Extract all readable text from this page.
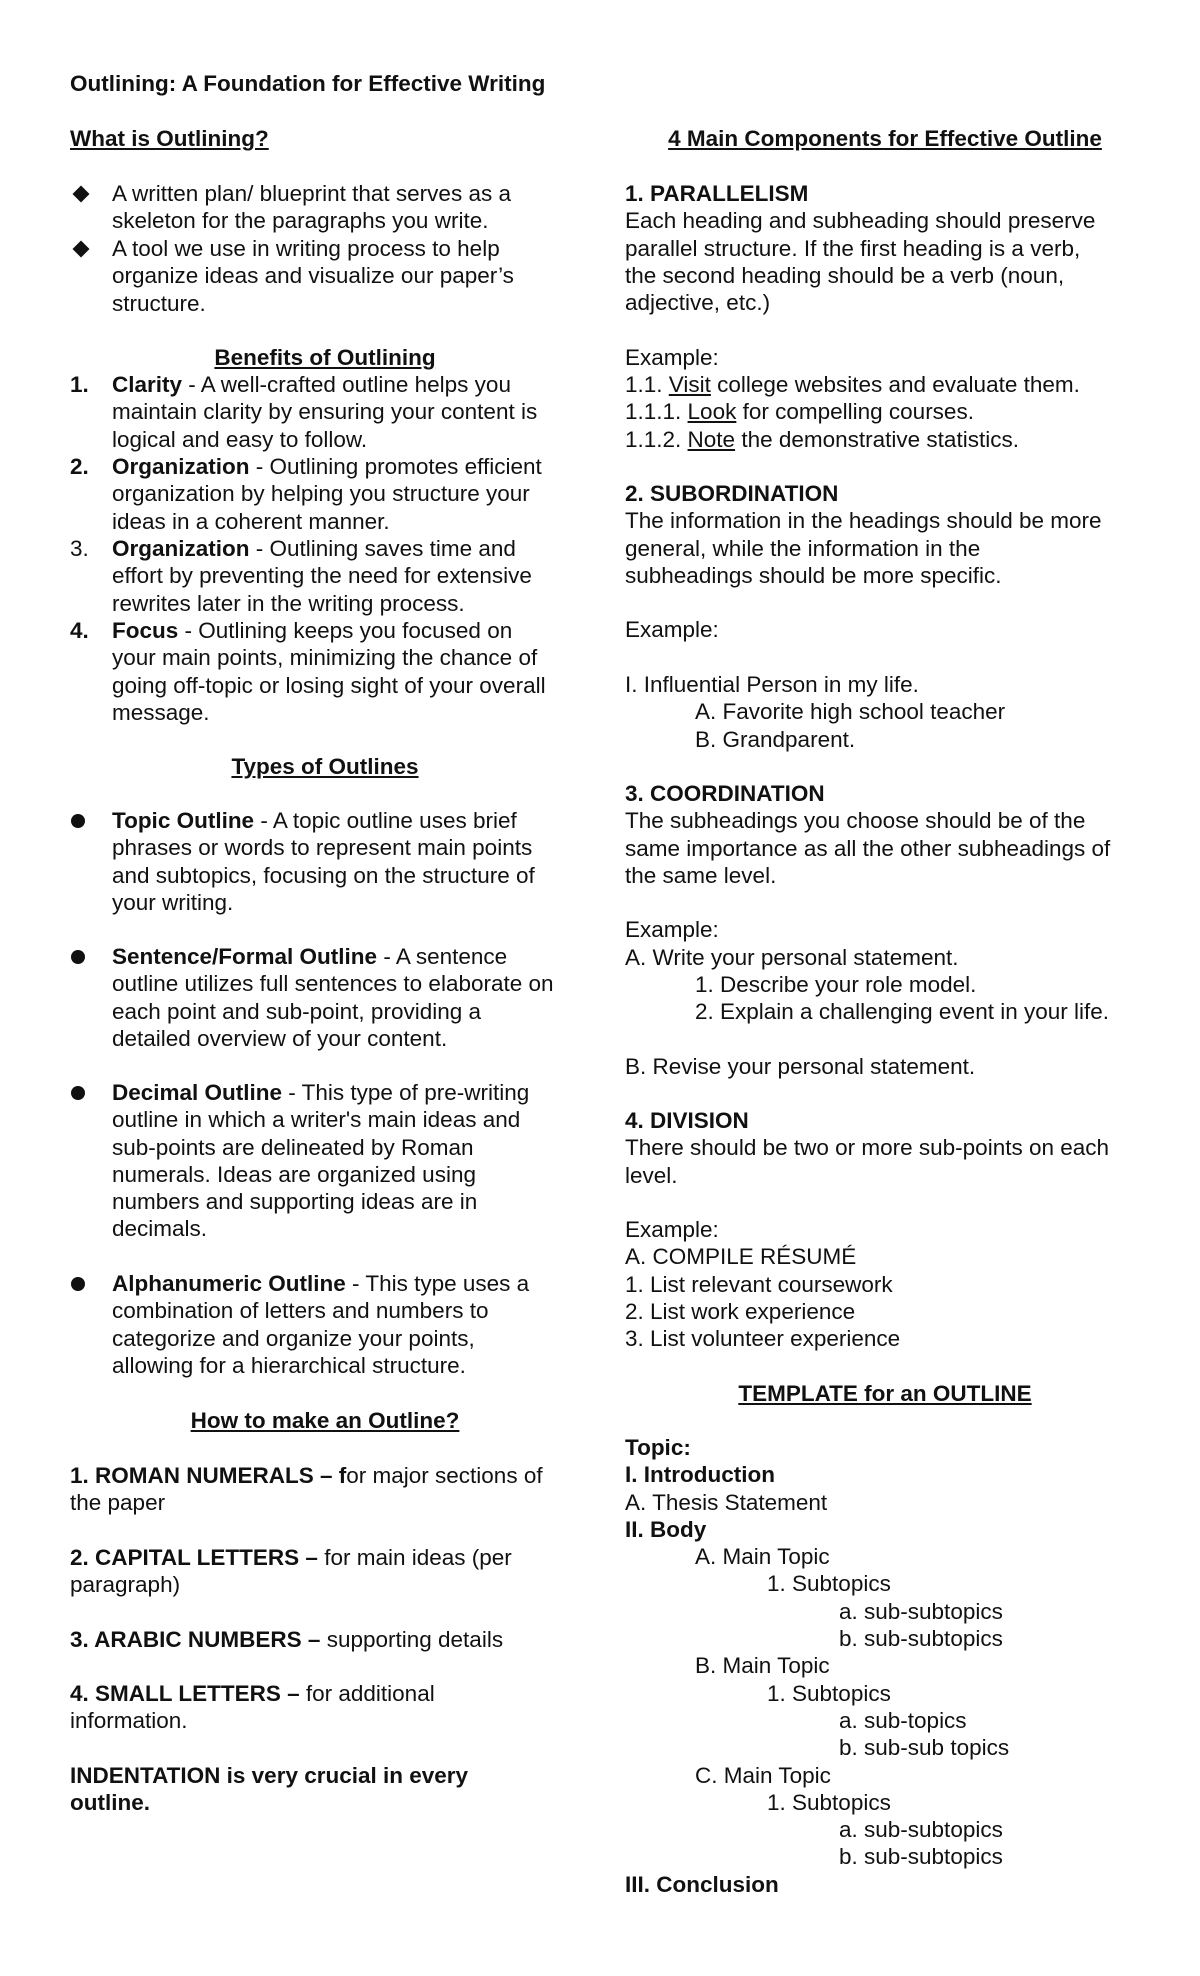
Outlining: A Foundation for Effective Writing
What is Outlining?
A written plan/ blueprint that serves as a
skeleton for the paragraphs you write.
A tool we use in writing process to help
organize ideas and visualize our paper’s
structure.
Benefits of Outlining
1. Clarity - A well-crafted outline helps you
maintain clarity by ensuring your content is
logical and easy to follow.
2. Organization - Outlining promotes efficient
organization by helping you structure your
ideas in a coherent manner.
3. Organization - Outlining saves time and
effort by preventing the need for extensive
rewrites later in the writing process.
4. Focus - Outlining keeps you focused on
your main points, minimizing the chance of
going off-topic or losing sight of your overall
message.
Types of Outlines
Topic Outline - A topic outline uses brief
phrases or words to represent main points
and subtopics, focusing on the structure of
your writing.
Sentence/Formal Outline - A sentence
outline utilizes full sentences to elaborate on
each point and sub-point, providing a
detailed overview of your content.
Decimal Outline - This type of pre-writing
outline in which a writer's main ideas and
sub-points are delineated by Roman
numerals. Ideas are organized using
numbers and supporting ideas are in
decimals.
Alphanumeric Outline - This type uses a
combination of letters and numbers to
categorize and organize your points,
allowing for a hierarchical structure.
How to make an Outline?
1. ROMAN NUMERALS – for major sections of
the paper
2. CAPITAL LETTERS – for main ideas (per
paragraph)
3. ARABIC NUMBERS – supporting details
4. SMALL LETTERS – for additional
information.
INDENTATION is very crucial in every
outline.
4 Main Components for Effective Outline
1. PARALLELISM
Each heading and subheading should preserve
parallel structure. If the first heading is a verb,
the second heading should be a verb (noun,
adjective, etc.)
Example:
1.1. Visit college websites and evaluate them.
1.1.1. Look for compelling courses.
1.1.2. Note the demonstrative statistics.
2. SUBORDINATION
The information in the headings should be more
general, while the information in the
subheadings should be more specific.
Example:
I. Influential Person in my life.
A. Favorite high school teacher
B. Grandparent.
3. COORDINATION
The subheadings you choose should be of the
same importance as all the other subheadings of
the same level.
Example:
A. Write your personal statement.
1. Describe your role model.
2. Explain a challenging event in your life.
B. Revise your personal statement.
4. DIVISION
There should be two or more sub-points on each
level.
Example:
A. COMPILE RÉSUMÉ
1. List relevant coursework
2. List work experience
3. List volunteer experience
TEMPLATE for an OUTLINE
Topic:
I. Introduction
A. Thesis Statement
II. Body
A. Main Topic
1. Subtopics
a. sub-subtopics
b. sub-subtopics
B. Main Topic
1. Subtopics
a. sub-topics
b. sub-sub topics
C. Main Topic
1. Subtopics
a. sub-subtopics
b. sub-subtopics
III. Conclusion
